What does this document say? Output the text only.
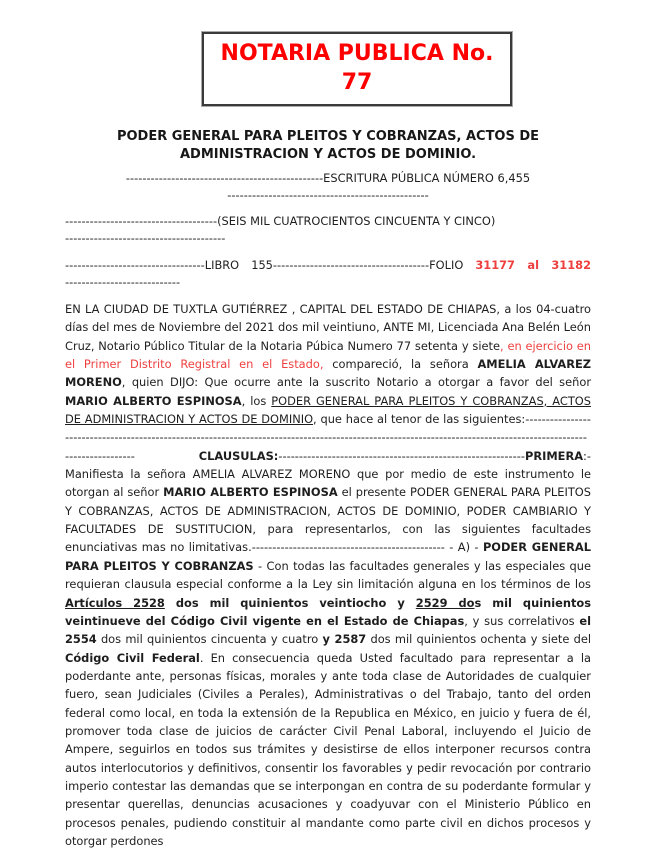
NOTARIA PUBLICA No. 77
PODER GENERAL PARA PLEITOS Y COBRANZAS, ACTOS DE
ADMINISTRACION Y ACTOS DE DOMINIO.
------------------------------------------------ESCRITURA PÚBLICA NÚMERO 6,455
-------------------------------------------------
-------------------------------------(SEIS MIL CUATROCIENTOS CINCUENTA Y CINCO)
---------------------------------------
----------------------------------LIBRO 155--------------------------------------FOLIO 31177 al 31182
----------------------------
EN LA CIUDAD DE TUXTLA GUTIÉRREZ , CAPITAL DEL ESTADO DE CHIAPAS, a los 04-cuatro días del mes de Noviembre del 2021 dos mil veintiuno, ANTE MI, Licenciada Ana Belén León Cruz, Notario Público Titular de la Notaria Púbica Numero 77 setenta y siete, en ejercicio en el Primer Distrito Registral en el Estado, compareció, la señora AMELIA ALVAREZ MORENO, quien DIJO: Que ocurre ante la suscrito Notario a otorgar a favor del señor MARIO ALBERTO ESPINOSA, los PODER GENERAL PARA PLEITOS Y COBRANZAS, ACTOS DE ADMINISTRACION Y ACTOS DE DOMINIO, que hace al tenor de las siguientes:---------------------------------------------------------------------------------------------------------------------------------------------------------------- CLAUSULAS:------------------------------------------------------------PRIMERA:- Manifiesta la señora AMELIA ALVAREZ MORENO que por medio de este instrumento le otorgan al señor MARIO ALBERTO ESPINOSA el presente PODER GENERAL PARA PLEITOS Y COBRANZAS, ACTOS DE ADMINISTRACION, ACTOS DE DOMINIO, PODER CAMBIARIO Y FACULTADES DE SUSTITUCION, para representarlos, con las siguientes facultades enunciativas mas no limitativas.----------------------------------------------- - A) - PODER GENERAL PARA PLEITOS Y COBRANZAS - Con todas las facultades generales y las especiales que requieran clausula especial conforme a la Ley sin limitación alguna en los términos de los Artículos 2528 dos mil quinientos veintiocho y 2529 dos mil quinientos veintinueve del Código Civil vigente en el Estado de Chiapas, y sus correlativos el 2554 dos mil quinientos cincuenta y cuatro y 2587 dos mil quinientos ochenta y siete del Código Civil Federal. En consecuencia queda Usted facultado para representar a la poderdante ante, personas físicas, morales y ante toda clase de Autoridades de cualquier fuero, sean Judiciales (Civiles a Perales), Administrativas o del Trabajo, tanto del orden federal como local, en toda la extensión de la Republica en México, en juicio y fuera de él, promover toda clase de juicios de carácter Civil Penal Laboral, incluyendo el Juicio de Ampere, seguirlos en todos sus trámites y desistirse de ellos interponer recursos contra autos interlocutorios y definitivos, consentir los favorables y pedir revocación por contrario imperio contestar las demandas que se interpongan en contra de su poderdante formular y presentar querellas, denuncias acusaciones y coadyuvar con el Ministerio Público en procesos penales, pudiendo constituir al mandante como parte civil en dichos procesos y otorgar perdones
